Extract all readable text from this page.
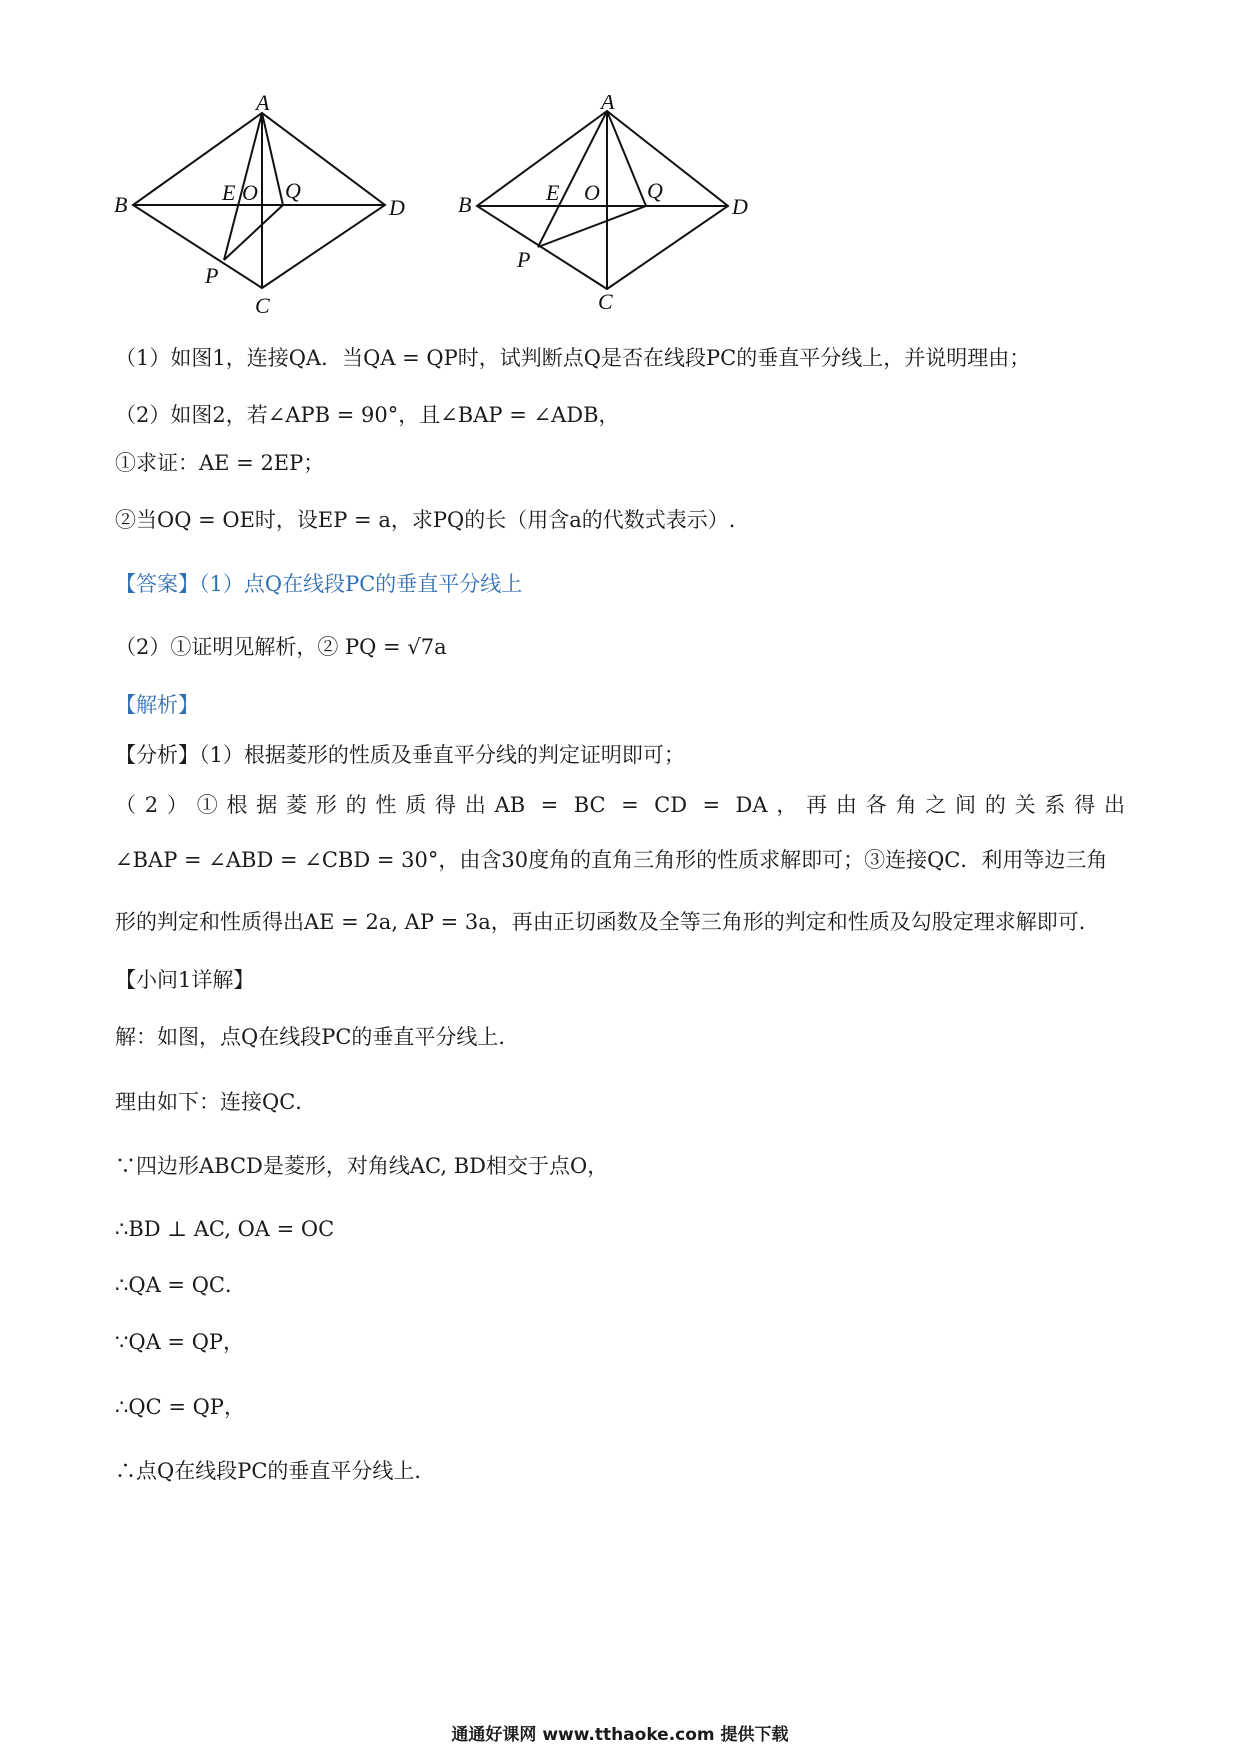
A
B	D
C
E O Q
P
A
B	D
C
E O Q
P
（1）如图1，连接QA．当QA = QP时，试判断点Q是否在线段PC的垂直平分线上，并说明理由；
（2）如图2，若∠APB = 90°，且∠BAP = ∠ADB，
①求证：AE = 2EP；
②当OQ = OE时，设EP = a，求PQ的长（用含a的代数式表示）.
【答案】（1）点Q在线段PC的垂直平分线上
（2）①证明见解析，② PQ = √7a
【解析】
【分析】（1）根据菱形的性质及垂直平分线的判定证明即可；
（2）①根据菱形的性质得出AB = BC = CD = DA，再由各角之间的关系得出
∠BAP = ∠ABD = ∠CBD = 30°，由含30度角的直角三角形的性质求解即可；③连接QC．利用等边三角
形的判定和性质得出AE = 2a, AP = 3a，再由正切函数及全等三角形的判定和性质及勾股定理求解即可．
【小问1详解】
解：如图，点Q在线段PC的垂直平分线上．
理由如下：连接QC．
∵四边形ABCD是菱形，对角线AC, BD相交于点O，
∴BD ⊥ AC, OA = OC
∴QA = QC．
∵QA = QP，
∴QC = QP，
∴点Q在线段PC的垂直平分线上．
通通好课网 www.tthaoke.com 提供下载
